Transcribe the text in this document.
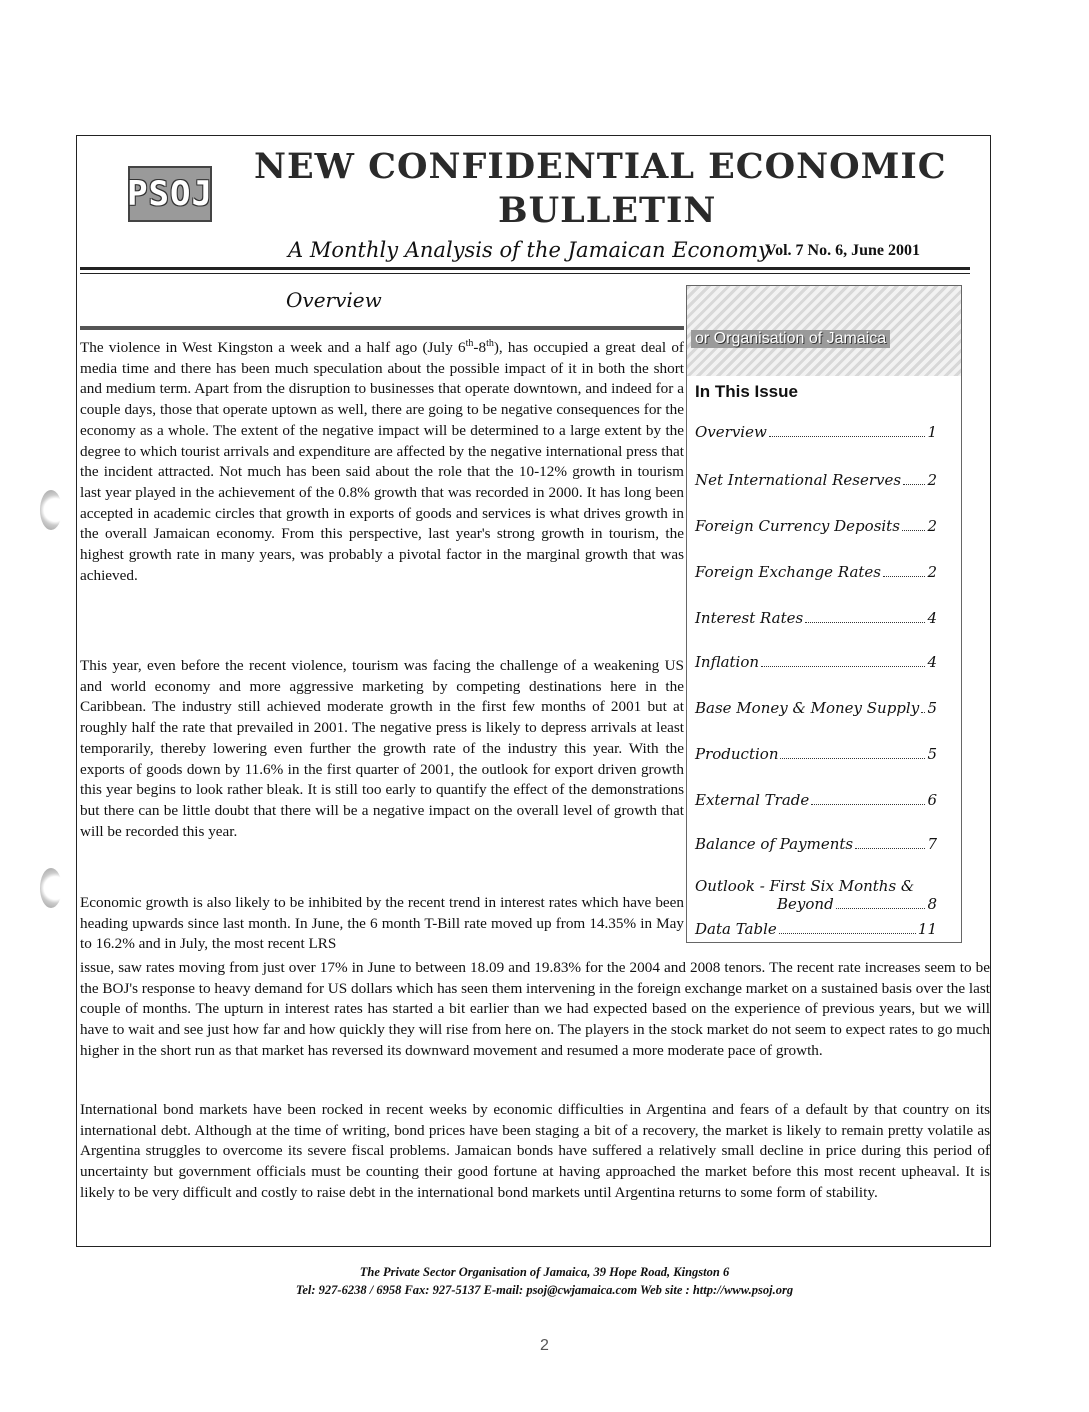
PSOJ
NEW CONFIDENTIAL ECONOMIC
BULLETIN
A Monthly Analysis of the Jamaican Economy
Vol. 7 No. 6, June 2001
Overview
The violence in West Kingston a week and a half ago (July 6th-8th), has occupied a great deal of media time and there has been much speculation about the possible impact of it in both the short and medium term. Apart from the disruption to businesses that operate downtown, and indeed for a couple days, those that operate uptown as well, there are going to be negative consequences for the economy as a whole. The extent of the negative impact will be determined to a large extent by the degree to which tourist arrivals and expenditure are affected by the negative international press that the incident attracted. Not much has been said about the role that the 10-12% growth in tourism last year played in the achievement of the 0.8% growth that was recorded in 2000. It has long been accepted in academic circles that growth in exports of goods and services is what drives growth in the overall Jamaican economy. From this perspective, last year's strong growth in tourism, the highest growth rate in many years, was probably a pivotal factor in the marginal growth that was achieved.
This year, even before the recent violence, tourism was facing the challenge of a weakening US and world economy and more aggressive marketing by competing destinations here in the Caribbean. The industry still achieved moderate growth in the first few months of 2001 but at roughly half the rate that prevailed in 2001. The negative press is likely to depress arrivals at least temporarily, thereby lowering even further the growth rate of the industry this year. With the exports of goods down by 11.6% in the first quarter of 2001, the outlook for export driven growth this year begins to look rather bleak. It is still too early to quantify the effect of the demonstrations but there can be little doubt that there will be a negative impact on the overall level of growth that will be recorded this year.
Economic growth is also likely to be inhibited by the recent trend in interest rates which have been heading upwards since last month. In June, the 6 month T-Bill rate moved up from 14.35% in May to 16.2% and in July, the most recent LRS
issue, saw rates moving from just over 17% in June to between 18.09 and 19.83% for the 2004 and 2008 tenors. The recent rate increases seem to be the BOJ's response to heavy demand for US dollars which has seen them intervening in the foreign exchange market on a sustained basis over the last couple of months. The upturn in interest rates has started a bit earlier than we had expected based on the experience of previous years, but we will have to wait and see just how far and how quickly they will rise from here on. The players in the stock market do not seem to expect rates to go much higher in the short run as that market has reversed its downward movement and resumed a more moderate pace of growth.
International bond markets have been rocked in recent weeks by economic difficulties in Argentina and fears of a default by that country on its international debt. Although at the time of writing, bond prices have been staging a bit of a recovery, the market is likely to remain pretty volatile as Argentina struggles to overcome its severe fiscal problems. Jamaican bonds have suffered a relatively small decline in price during this period of uncertainty but government officials must be counting their good fortune at having approached the market before this most recent upheaval. It is likely to be very difficult and costly to raise debt in the international bond markets until Argentina returns to some form of stability.
or Organisation of Jamaica
In This Issue
Overview	1
Net International Reserves 2
Foreign Currency Deposits 2
Foreign Exchange Rates	2
Interest Rates	4
Inflation	4
Base Money & Money Supply 5
Production	5
External Trade	6
Balance of Payments	7
Outlook - First Six Months &
Beyond	8
Data Table	11
The Private Sector Organisation of Jamaica, 39 Hope Road, Kingston 6
Tel: 927-6238 / 6958 Fax: 927-5137 E-mail: psoj@cwjamaica.com Web site : http://www.psoj.org
2
